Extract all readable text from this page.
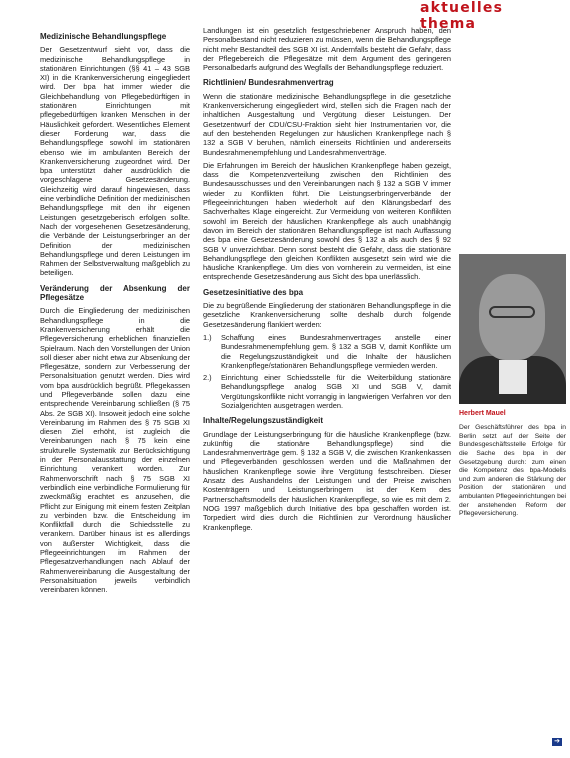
aktuelles thema
Medizinische Behandlungspflege

Der Gesetzentwurf sieht vor, dass die medizinische Behandlungspflege in stationären Einrichtungen (§§ 41 – 43 SGB XI) in die Krankenversicherung eingegliedert wird. Der bpa hat immer wieder die Gleichbehandlung von Pflegebedürftigen in stationären Einrichtungen mit pflegebedürftigen kranken Menschen in der Häuslichkeit gefordert. Wesentliches Element dieser Forderung war, dass die Behandlungspflege sowohl im stationären ebenso wie im ambulanten Bereich der Krankenversicherung zugeordnet wird. Der bpa unterstützt daher ausdrücklich die vorgeschlagene Gesetzesänderung. Gleichzeitig wird darauf hingewiesen, dass eine verbindliche Definition der medizinischen Behandlungspflege mit den ihr eigenen Leistungen gesetzgeberisch erfolgen sollte. Nach der vorgesehenen Gesetzesänderung, die Verbände der Leistungserbringer an der Definition der medizinischen Behandlungspflege und deren Leistungen im Rahmen der Selbstverwaltung maßgeblich zu beteiligen.

Veränderung der Absenkung der Pflegesätze

Durch die Eingliederung der medizinischen Behandlungspflege in die Krankenversicherung erhält die Pflegeversicherung erheblichen finanziellen Spielraum. Nach den Vorstellungen der Union soll dieser aber nicht etwa zur Absenkung der Pflegesätze, sondern zur Verbesserung der Personalsituation genutzt werden. Dies wird vom bpa ausdrücklich begrüßt. Pflegekassen und Pflegeverbände sollen dazu eine entsprechende Vereinbarung schließen (§ 75 Abs. 2e SGB XI). Insoweit jedoch eine solche Vereinbarung im Rahmen des § 75 SGB XI diesen Ziel erhöht, ist zugleich die Vereinbarungen nach § 75 kein eine strukturelle Systematik zur Berücksichtigung in der Personalausstattung der einzelnen Einrichtung verankert worden. Zur Rahmenvorschrift nach § 75 SGB XI verbindlich eine verbindliche Formulierung für zweckmäßig erachtet es anzusehen, die Pflicht zur Einigung mit einem festen Zeitplan zu verbinden bzw. die Entscheidung im Konfliktfall durch die Schiedsstelle zu verankern. Darüber hinaus ist es allerdings von äußerster Wichtigkeit, dass die Pflegeeinrichtungen im Rahmen der Pflegesatzverhandlungen nach Ablauf der Rahmenvereinbarung die Ausgestaltung der Personalsituation jeweils verbindlich vereinbaren können.

Landlungen ist ein gesetzlich festgeschriebener Anspruch haben, den Personalbestand nicht reduzieren zu müssen, wenn die Behandlungspflege nicht mehr Bestandteil des SGB XI ist. Andernfalls besteht die Gefahr, dass der Pflegebereich die Pflegesätze mit dem Argument des geringeren Personalbedarfs aufgrund des Wegfalls der Behandlungspflege reduziert.

Richtlinien/ Bundesrahmenvertrag

Wenn die stationäre medizinische Behandlungspflege in die gesetzliche Krankenversicherung eingegliedert wird, stellen sich die Fragen nach der inhaltlichen Ausgestaltung und Vergütung dieser Leistungen. Der Gesetzentwurf der CDU/CSU-Fraktion sieht hier Instrumentarien vor, die auf den bestehenden Regelungen zur häuslichen Krankenpflege nach § 132 a SGB V beruhen, nämlich einerseits Richtlinien und andererseits Bundesrahmenempfehlung und Landesrahmenverträge.

Die Erfahrungen im Bereich der häuslichen Krankenpflege haben gezeigt, dass die Kompetenzverteilung zwischen den Richtlinien des Bundesausschusses und den Vereinbarungen nach § 132 a SGB V immer wieder zu Konflikten führt. Die Leistungserbringerverbände der Pflegeeinrichtungen haben wiederholt auf den Klärungsbedarf des Sachverhaltes Klage eingereicht. Zur Vermeidung von weiteren Konflikten sowohl im Bereich der häuslichen Krankenpflege als auch unabhängig davon im Bereich der stationären Behandlungspflege ist nach Auffassung des bpa eine Gesetzesänderung sowohl des § 132 a als auch des § 92 SGB V unverzichtbar. Denn sonst besteht die Gefahr, dass die stationäre Behandlungspflege den gleichen Konflikten ausgesetzt sein wird wie die häusliche Krankenpflege. Um dies von vornherein zu vermeiden, ist eine entsprechende Gesetzesänderung aus Sicht des bpa unerlässlich.

Gesetzesinitiative des bpa

Die zu begrüßende Eingliederung der stationären Behandlungspflege in die gesetzliche Krankenversicherung sollte deshalb durch folgende Gesetzesänderung flankiert werden:

1.) Schaffung eines Bundesrahmenvertrages anstelle einer Bundesrahmenempfehlung gem. § 132 a SGB V, damit Konflikte um die Regelungszuständigkeit und die Inhalte der häuslichen Krankenpflege/stationären Behandlungspflege vermieden werden.
2.) Einrichtung einer Schiedsstelle für die Weiterbildung stationäre Behandlungspflege analog SGB XI und SGB V, damit Vergütungskonflikte nicht vorrangig in langwierigen Verfahren vor den Sozialgerichten ausgetragen werden.
Inhalte/Regelungszuständigkeit

Grundlage der Leistungserbringung für die häusliche Krankenpflege (bzw. zukünftig die stationäre Behandlungspflege) sind die Landesrahmenverträge gem. § 132 a SGB V, die zwischen Krankenkassen und Pflegeverbänden geschlossen werden und die Maßnahmen der häuslichen Krankenpflege sowie ihre Vergütung festschreiben. Dieser Ansatz des Aushandelns der Leistungen und der Preise zwischen Kostenträgern und Leistungserbringern ist der Kern des Partnerschaftsmodells der häuslichen Krankenpflege, so wie es mit dem 2. NOG 1997 maßgeblich durch Initiative des bpa geschaffen worden ist. Torpediert wird dies durch die Richtlinien zur Verordnung häuslicher Krankenpflege.

Herbert Mauel
Der Geschäftsführer des bpa in Berlin setzt auf der Seite der Bundesgeschäftsstelle Erfolge für die Sache des bpa in der Gesetzgebung durch: zum einen die Kompetenz des bpa-Modells und zum anderen die Stärkung der Position der stationären und ambulanten Pflegeeinrichtungen bei der anstehenden Reform der Pflegeversicherung.
➔
